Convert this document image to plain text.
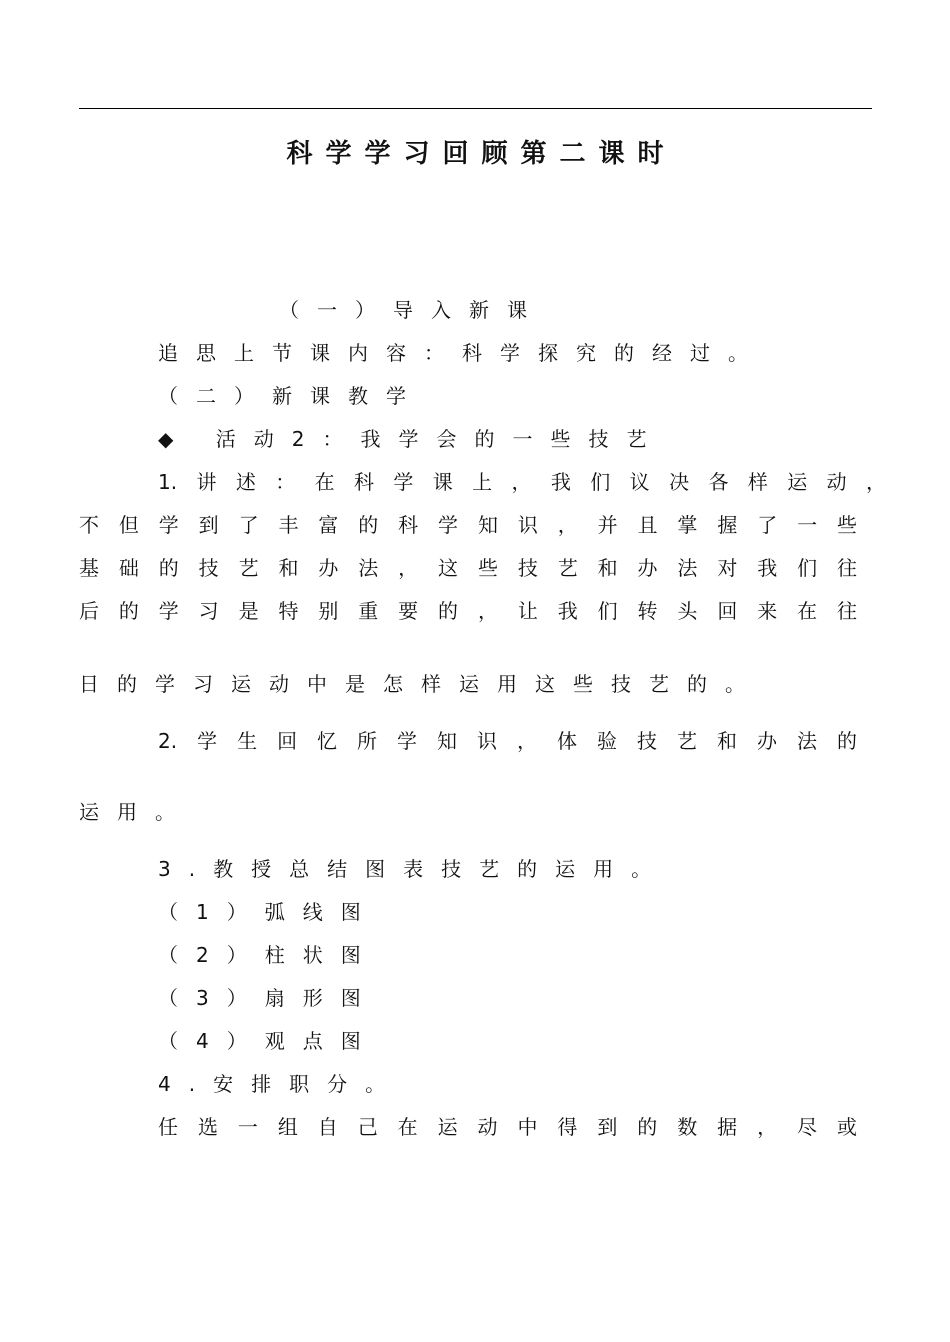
科学学习回顾第二课时
（一）导入新课
追思上节课内容：科学探究的经过。
（二）新课教学
◆ 活动2：我学会的一些技艺
1.讲述：在科学课上，我们议决各样运动，
不但学到了丰富的科学知识，并且掌握了一些
基础的技艺和办法，这些技艺和办法对我们往
后的学习是特别重要的，让我们转头回来在往
日的学习运动中是怎样运用这些技艺的。
2.学生回忆所学知识，体验技艺和办法的
运用。
3.教授总结图表技艺的运用。
（1）弧线图
（2）柱状图
（3）扇形图
（4）观点图
4.安排职分。
任选一组自己在运动中得到的数据，尽或
